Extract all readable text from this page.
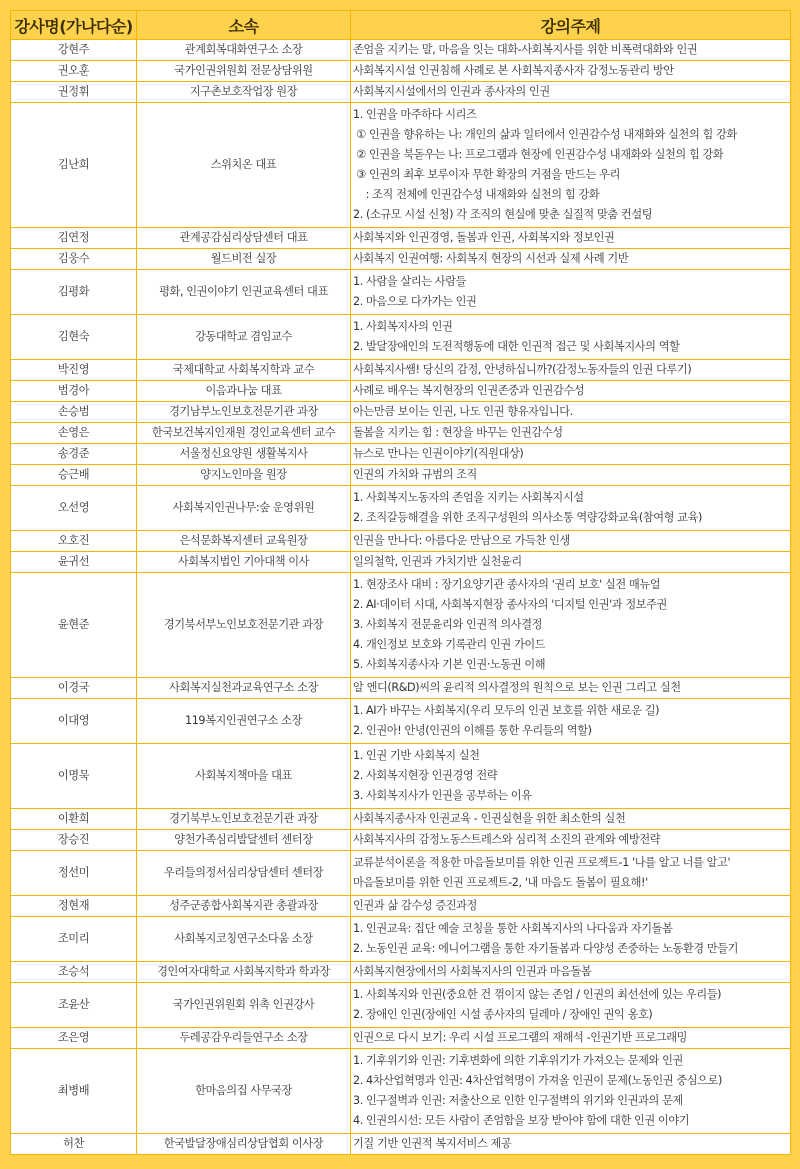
강사명(가나다순)	소속	강의주제
강현주	관계회복대화연구소 소장	존엄을 지키는 말, 마음을 잇는 대화-사회복지사를 위한 비폭력대화와 인권

권오훈	국가인권위원회 전문상담위원	사회복지시설 인권침해 사례로 본 사회복지종사자 감정노동관리 방안

권정휘	지구촌보호작업장 원장	사회복지시설에서의 인권과 종사자의 인권

김난희	스위치온 대표	
1. 인권을 마주하다 시리즈
① 인권을 향유하는 나: 개인의 삶과 일터에서 인권감수성 내재화와 실천의 힘 강화
② 인권을 북돋우는 나: 프로그램과 현장에 인권감수성 내재화와 실천의 힘 강화
③ 인권의 최후 보루이자 무한 확장의 거점을 만드는 우리
: 조직 전체에 인권감수성 내재화와 실천의 힘 강화
2. (소규모 시설 신청) 각 조직의 현실에 맞춘 실질적 맞춤 컨설팅

김연정	관계공감심리상담센터 대표	사회복지와 인권경영, 돌봄과 인권, 사회복지와 정보인권

김웅수	월드비전 실장	사회복지 인권여행: 사회복지 현장의 시선과 실제 사례 기반

김평화	평화, 인권이야기 인권교육센터 대표	1. 사람을 살리는 사람들
2. 마음으로 다가가는 인권

김현숙	강동대학교 겸임교수	1. 사회복지사의 인권
2. 발달장애인의 도전적행동에 대한 인권적 접근 및 사회복지사의 역할

박진영	국제대학교 사회복지학과 교수	사회복지사쌤! 당신의 감정, 안녕하십니까?(감정노동자들의 인권 다루기)

범경아	이음과나눔 대표	사례로 배우는 복지현장의 인권존중과 인권감수성

손승범	경기남부노인보호전문기관 과장	아는만큼 보이는 인권, 나도 인권 향유자입니다.

손영은	한국보건복지인재원 경인교육센터 교수	돌봄을 지키는 힘 : 현장을 바꾸는 인권감수성

송경준	서울정신요양원 생활복지사	뉴스로 만나는 인권이야기(직원대상)

승근배	양지노인마을 원장	인권의 가치와 규범의 조직

오선영	사회복지인권나무:숲 운영위원	1. 사회복지노동자의 존엄을 지키는 사회복지시설
2. 조직갈등해결을 위한 조직구성원의 의사소통 역량강화교육(참여형 교육)

오호진	은석문화복지센터 교육원장	인권을 만나다: 아름다운 만남으로 가득찬 인생

윤귀선	사회복지법인 기아대책 이사	일의철학, 인권과 가치기반 실천윤리

윤현준	경기북서부노인보호전문기관 과장	1. 현장조사 대비 : 장기요양기관 종사자의 '권리 보호' 실전 매뉴얼
2. AI·데이터 시대, 사회복지현장 종사자의 '디지털 인권'과 정보주권
3. 사회복지 전문윤리와 인권적 의사결정
4. 개인정보 보호와 기록관리 인권 가이드
5. 사회복지종사자 기본 인권·노동권 이해

이경국	사회복지실천과교육연구소 소장	알 엔디(R&D)씨의 윤리적 의사결정의 원칙으로 보는 인권 그리고 실천

이대영	119복지인권연구소 소장	1. AI가 바꾸는 사회복지(우리 모두의 인권 보호를 위한 새로운 길)
2. 인권아! 안녕(인권의 이해를 통한 우리들의 역할)

이명묵	사회복지책마을 대표	1. 인권 기반 사회복지 실천
2. 사회복지현장 인권경영 전략
3. 사회복지사가 인권을 공부하는 이유

이환희	경기북부노인보호전문기관 과장	사회복지종사자 인권교육 - 인권실현을 위한 최소한의 실천

장승진	양천가족심리발달센터 센터장	사회복지사의 감정노동스트레스와 심리적 소진의 관계와 예방전략

정선미	우리들의정서심리상담센터 센터장	교류분석이론을 적용한 마음돌보미를 위한 인권 프로젝트-1 '나를 알고 너를 알고'
마음돌보미를 위한 인권 프로젝트-2, '내 마음도 돌봄이 필요해!'

정현재	성주군종합사회복지관 총괄과장	인권과 삶 감수성 증진과정

조미리	사회복지코칭연구소다움 소장	1. 인권교육: 집단 예술 코칭을 통한 사회복지사의 나다움과 자기돌봄
2. 노동인권 교육: 에니어그램을 통한 자기돌봄과 다양성 존중하는 노동환경 만들기

조승석	경인여자대학교 사회복지학과 학과장	사회복지현장에서의 사회복지사의 인권과 마음돌봄

조윤산	국가인권위원회 위촉 인권강사	1. 사회복지와 인권(중요한 건 꺾이지 않는 존엄 / 인권의 최선선에 있는 우리들)
2. 장애인 인권(장애인 시설 종사자의 딜레마 / 장애인 권익 옹호)

조은영	두레공감우리들연구소 소장	인권으로 다시 보기: 우리 시설 프로그램의 재해석 -인권기반 프로그래밍

최병배	한마음의집 사무국장	1. 기후위기와 인권: 기후변화에 의한 기후위기가 가져오는 문제와 인권
2. 4차산업혁명과 인권: 4차산업혁명이 가져올 인권이 문제(노동인권 중심으로)
3. 인구절벽과 인권: 저출산으로 인한 인구절벽의 위기와 인권과의 문제
4. 인권의시선: 모든 사람이 존엄함을 보장 받아야 함에 대한 인권 이야기

허찬	한국발달장애심리상담협회 이사장	기질 기반 인권적 복지서비스 제공
